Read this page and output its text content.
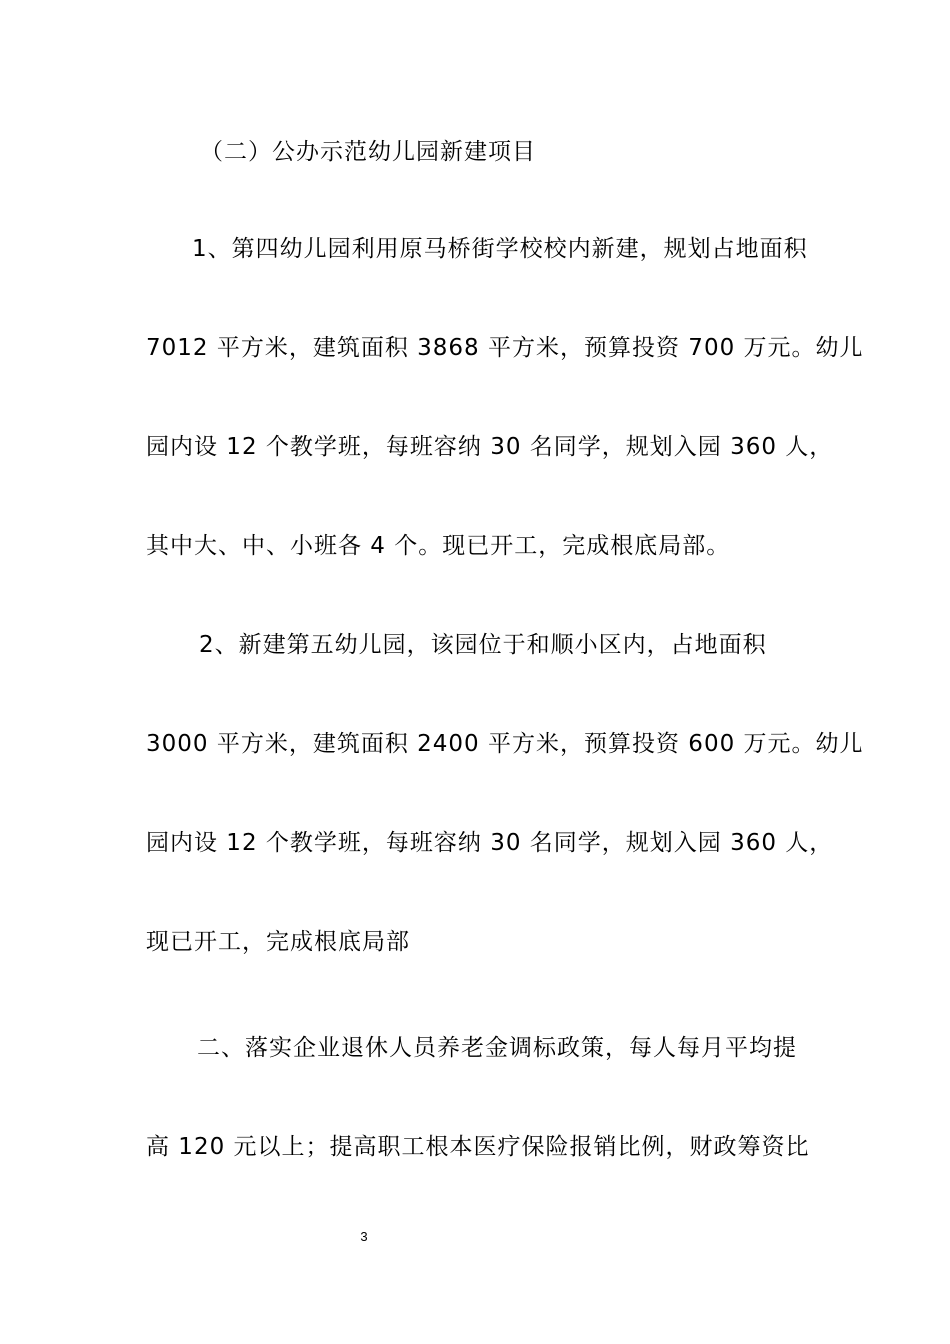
（二）公办示范幼儿园新建项目
1、第四幼儿园利用原马桥街学校校内新建，规划占地面积
7012 平方米，建筑面积 3868 平方米，预算投资 700 万元。幼儿
园内设 12 个教学班，每班容纳 30 名同学，规划入园 360 人，
其中大、中、小班各 4 个。现已开工，完成根底局部。
2、新建第五幼儿园，该园位于和顺小区内，占地面积
3000 平方米，建筑面积 2400 平方米，预算投资 600 万元。幼儿
园内设 12 个教学班，每班容纳 30 名同学，规划入园 360 人，
现已开工，完成根底局部
二、落实企业退休人员养老金调标政策，每人每月平均提
高 120 元以上；提高职工根本医疗保险报销比例，财政筹资比
3
